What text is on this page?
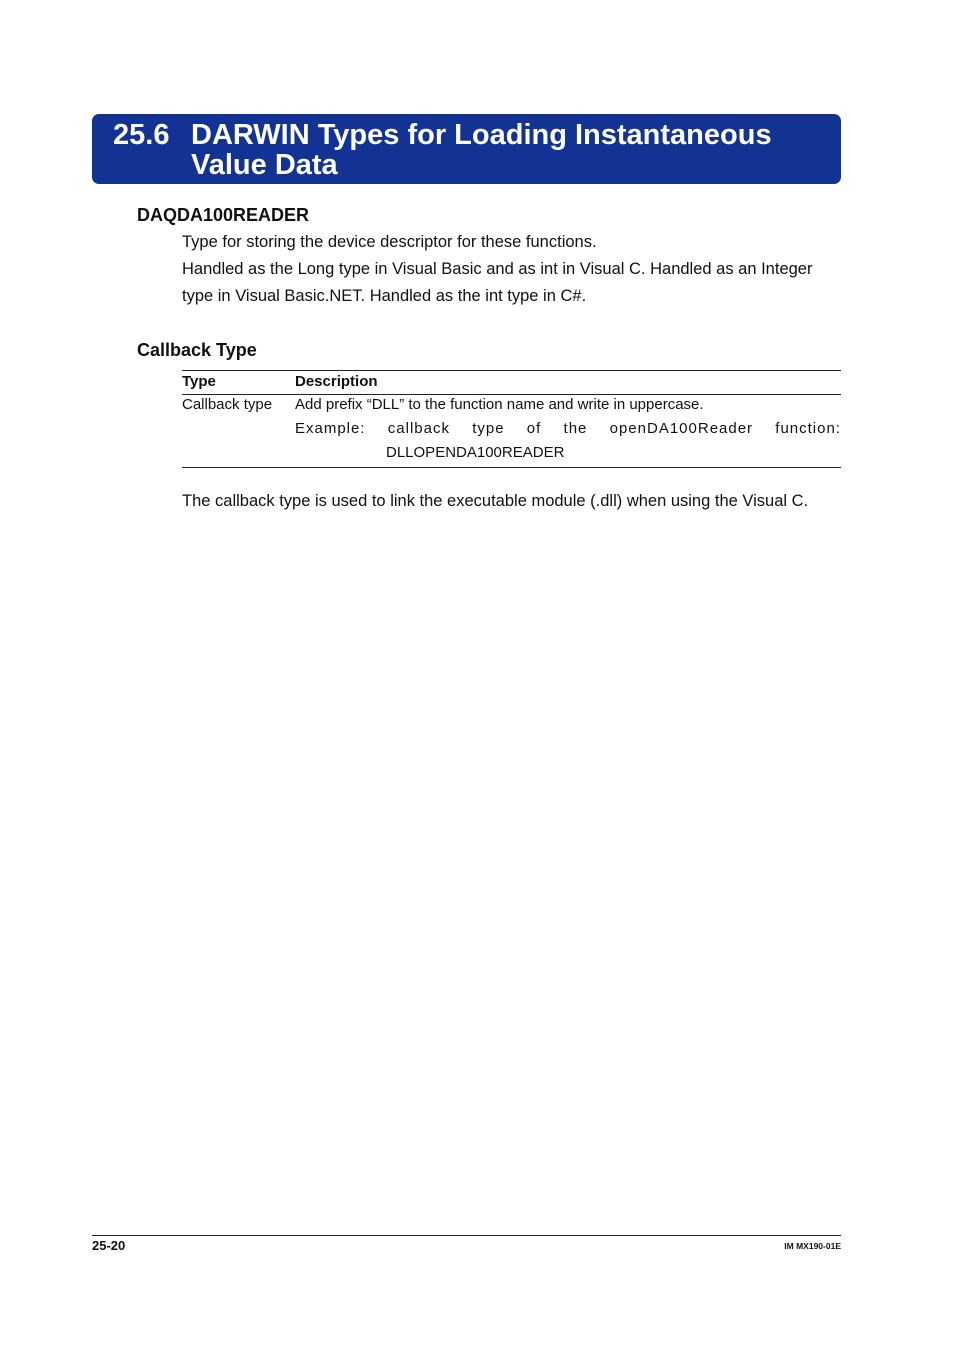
25.6 DARWIN Types for Loading Instantaneous Value Data
DAQDA100READER
Type for storing the device descriptor for these functions.
Handled as the Long type in Visual Basic and as int in Visual C. Handled as an Integer type in Visual Basic.NET. Handled as the int type in C#.
Callback Type
Type	Description
Callback type Add prefix “DLL” to the function name and write in uppercase.
Example: callback type of the openDA100Reader function:
DLLOPENDA100READER
The callback type is used to link the executable module (.dll) when using the Visual C.
25-20	IM MX190-01E
